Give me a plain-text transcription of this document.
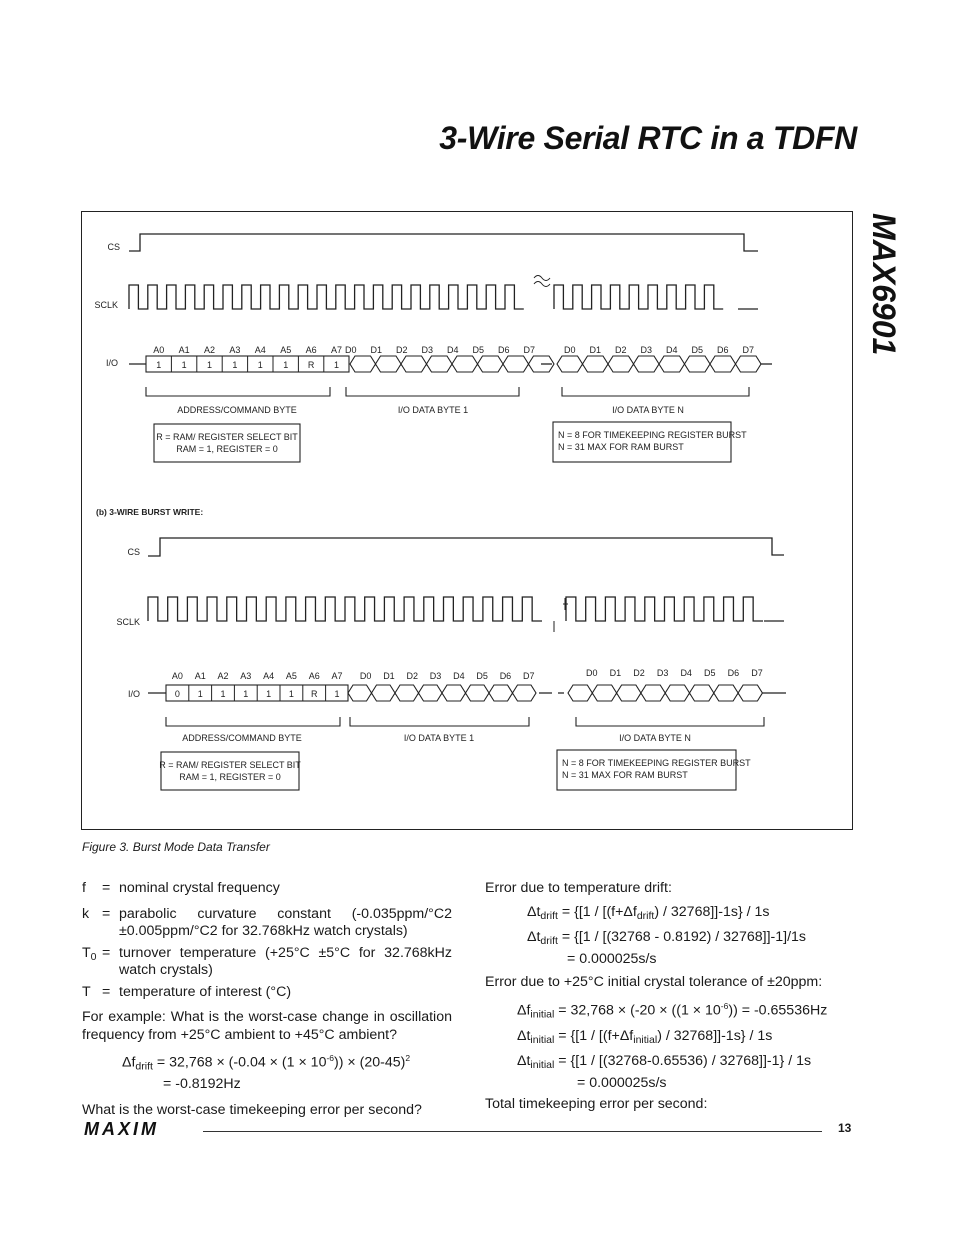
3-Wire Serial RTC in a TDFN
MAX6901
CS
SCLK
I/O
A0 A1 A2 A3 A4 A5 A6 A7
1 1 1 1 1 1 R 1
D0 D1 D2 D3 D4 D5 D6 D7	D0 D1 D2 D3 D4 D5 D6 D7
ADDRESS/COMMAND BYTE	I/O DATA BYTE 1	I/O DATA BYTE N
R = RAM/ REGISTER SELECT BIT
RAM = 1, REGISTER = 0
N = 8 FOR TIMEKEEPING REGISTER BURST
N = 31 MAX FOR RAM BURST
(b) 3-WIRE BURST WRITE:
CS
SCLK
I/O
A0 A1 A2 A3 A4 A5 A6 A7
0 1 1 1 1 1 R 1
D0 D1 D2 D3 D4 D5 D6 D7	D0 D1 D2 D3 D4 D5 D6 D7
ADDRESS/COMMAND BYTE	I/O DATA BYTE 1	I/O DATA BYTE N
R = RAM/ REGISTER SELECT BIT
RAM = 1, REGISTER = 0
N = 8 FOR TIMEKEEPING REGISTER BURST
N = 31 MAX FOR RAM BURST
Figure 3. Burst Mode Data Transfer
f	= nominal crystal frequency
k = parabolic curvature constant (-0.035ppm/°C2 ±0.005ppm/°C2 for 32.768kHz watch crystals)
$T_0$ = turnover temperature (+25°C ±5°C for 32.768kHz watch crystals)
T = temperature of interest (°C)
For example: What is the worst-case change in oscillation frequency from +25°C ambient to +45°C ambient?
$\Delta f_{drift} = 32,768 \times (-0.04 \times (1 \times 10^{-6})) \times (20-45)^2$
= -0.8192Hz
What is the worst-case timekeeping error per second?
Error due to temperature drift:
$\Delta t_{drift} = \{[1 / [(f+\Delta f_{drift}) / 32768]]-1s\} / 1s$
$\Delta t_{drift} = \{[1 / [(32768 - 0.8192) / 32768]]-1]/1s$
= 0.000025s/s
Error due to +25°C initial crystal tolerance of ±20ppm:
$\Delta f_{initial} = 32,768 \times (-20 \times ((1 \times 10^{-6})) = -0.65536Hz$
$\Delta t_{initial} = \{[1 / [(f+\Delta f_{initial}) / 32768]]-1s\} / 1s$
$\Delta t_{initial} = \{[1 / [(32768-0.65536) / 32768]]-1\} / 1s$
= 0.000025s/s
Total timekeeping error per second:
MAXIM	13
